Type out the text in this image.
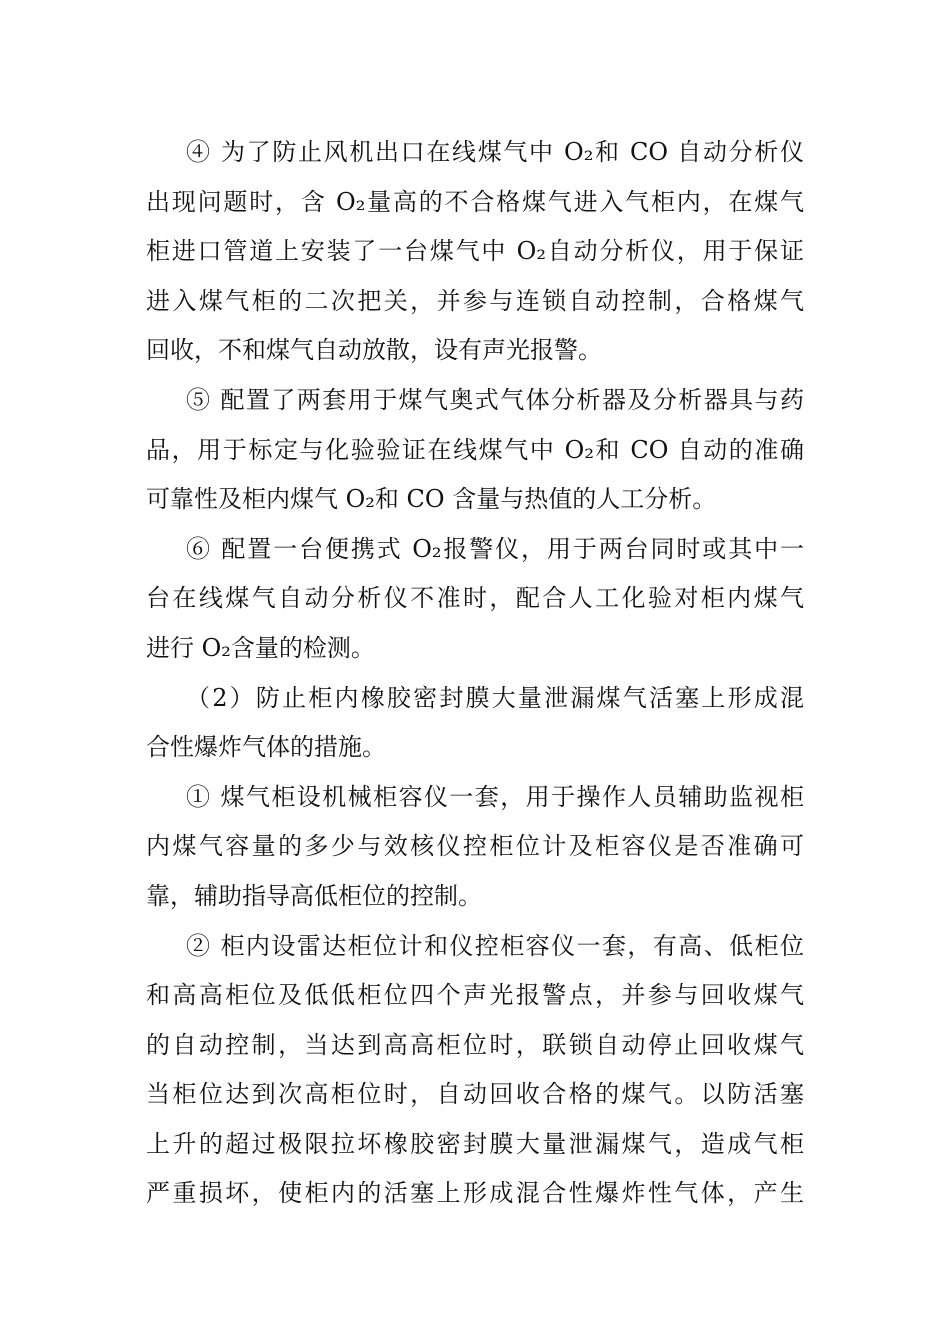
④ 为了防止风机出口在线煤气中 O₂和 CO 自动分析仪
出现问题时，含 O₂量高的不合格煤气进入气柜内，在煤气
柜进口管道上安装了一台煤气中 O₂自动分析仪，用于保证
进入煤气柜的二次把关，并参与连锁自动控制，合格煤气
回收，不和煤气自动放散，设有声光报警。
⑤ 配置了两套用于煤气奥式气体分析器及分析器具与药
品，用于标定与化验验证在线煤气中 O₂和 CO 自动的准确
可靠性及柜内煤气 O₂和 CO 含量与热值的人工分析。
⑥ 配置一台便携式 O₂报警仪，用于两台同时或其中一
台在线煤气自动分析仪不准时，配合人工化验对柜内煤气
进行 O₂含量的检测。
（2）防止柜内橡胶密封膜大量泄漏煤气活塞上形成混
合性爆炸气体的措施。
① 煤气柜设机械柜容仪一套，用于操作人员辅助监视柜
内煤气容量的多少与效核仪控柜位计及柜容仪是否准确可
靠，辅助指导高低柜位的控制。
② 柜内设雷达柜位计和仪控柜容仪一套，有高、低柜位
和高高柜位及低低柜位四个声光报警点，并参与回收煤气
的自动控制，当达到高高柜位时，联锁自动停止回收煤气
当柜位达到次高柜位时，自动回收合格的煤气。以防活塞
上升的超过极限拉坏橡胶密封膜大量泄漏煤气，造成气柜
严重损坏，使柜内的活塞上形成混合性爆炸性气体，产生
